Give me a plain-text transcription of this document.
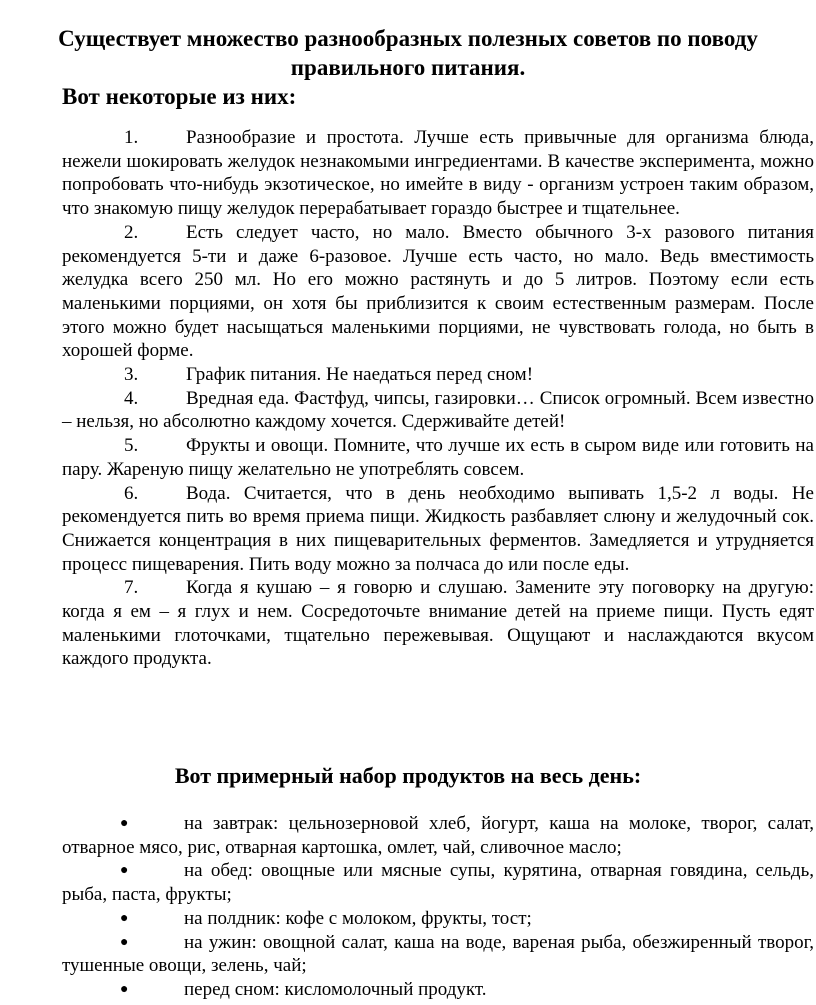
Существует множество разнообразных полезных советов по поводу правильного питания.
Вот некоторые из них:
1.	Разнообразие и простота. Лучше есть привычные для организма блюда, нежели шокировать желудок незнакомыми ингредиентами. В качестве эксперимента, можно попробовать что-нибудь экзотическое, но имейте в виду - организм устроен таким образом, что знакомую пищу желудок перерабатывает гораздо быстрее и тщательнее.
2.	Есть следует часто, но мало. Вместо обычного 3-х разового питания рекомендуется 5-ти и даже 6-разовое. Лучше есть часто, но мало. Ведь вместимость желудка всего 250 мл. Но его можно растянуть и до 5 литров. Поэтому если есть маленькими порциями, он хотя бы приблизится к своим естественным размерам. После этого можно будет насыщаться маленькими порциями, не чувствовать голода, но быть в хорошей форме.
3.	График питания. Не наедаться перед сном!
4.	Вредная еда. Фастфуд, чипсы, газировки… Список огромный. Всем известно – нельзя, но абсолютно каждому хочется. Сдерживайте детей!
5.	Фрукты и овощи. Помните, что лучше их есть в сыром виде или готовить на пару. Жареную пищу желательно не употреблять совсем.
6.	Вода. Считается, что в день необходимо выпивать 1,5-2 л воды. Не рекомендуется пить во время приема пищи. Жидкость разбавляет слюну и желудочный сок. Снижается концентрация в них пищеварительных ферментов. Замедляется и утрудняется процесс пищеварения. Пить воду можно за полчаса до или после еды.
7.	Когда я кушаю – я говорю и слушаю. Замените эту поговорку на другую: когда я ем – я глух и нем. Сосредоточьте внимание детей на приеме пищи. Пусть едят маленькими глоточками, тщательно пережевывая. Ощущают и наслаждаются вкусом каждого продукта.
Вот примерный набор продуктов на весь день:
●	на завтрак: цельнозерновой хлеб, йогурт, каша на молоке, творог, салат, отварное мясо, рис, отварная картошка, омлет, чай, сливочное масло;
●	на обед: овощные или мясные супы, курятина, отварная говядина, сельдь, рыба, паста, фрукты;
●	на полдник: кофе с молоком, фрукты, тост;
●	на ужин: овощной салат, каша на воде, вареная рыба, обезжиренный творог, тушенные овощи, зелень, чай;
●	перед сном: кисломолочный продукт.
